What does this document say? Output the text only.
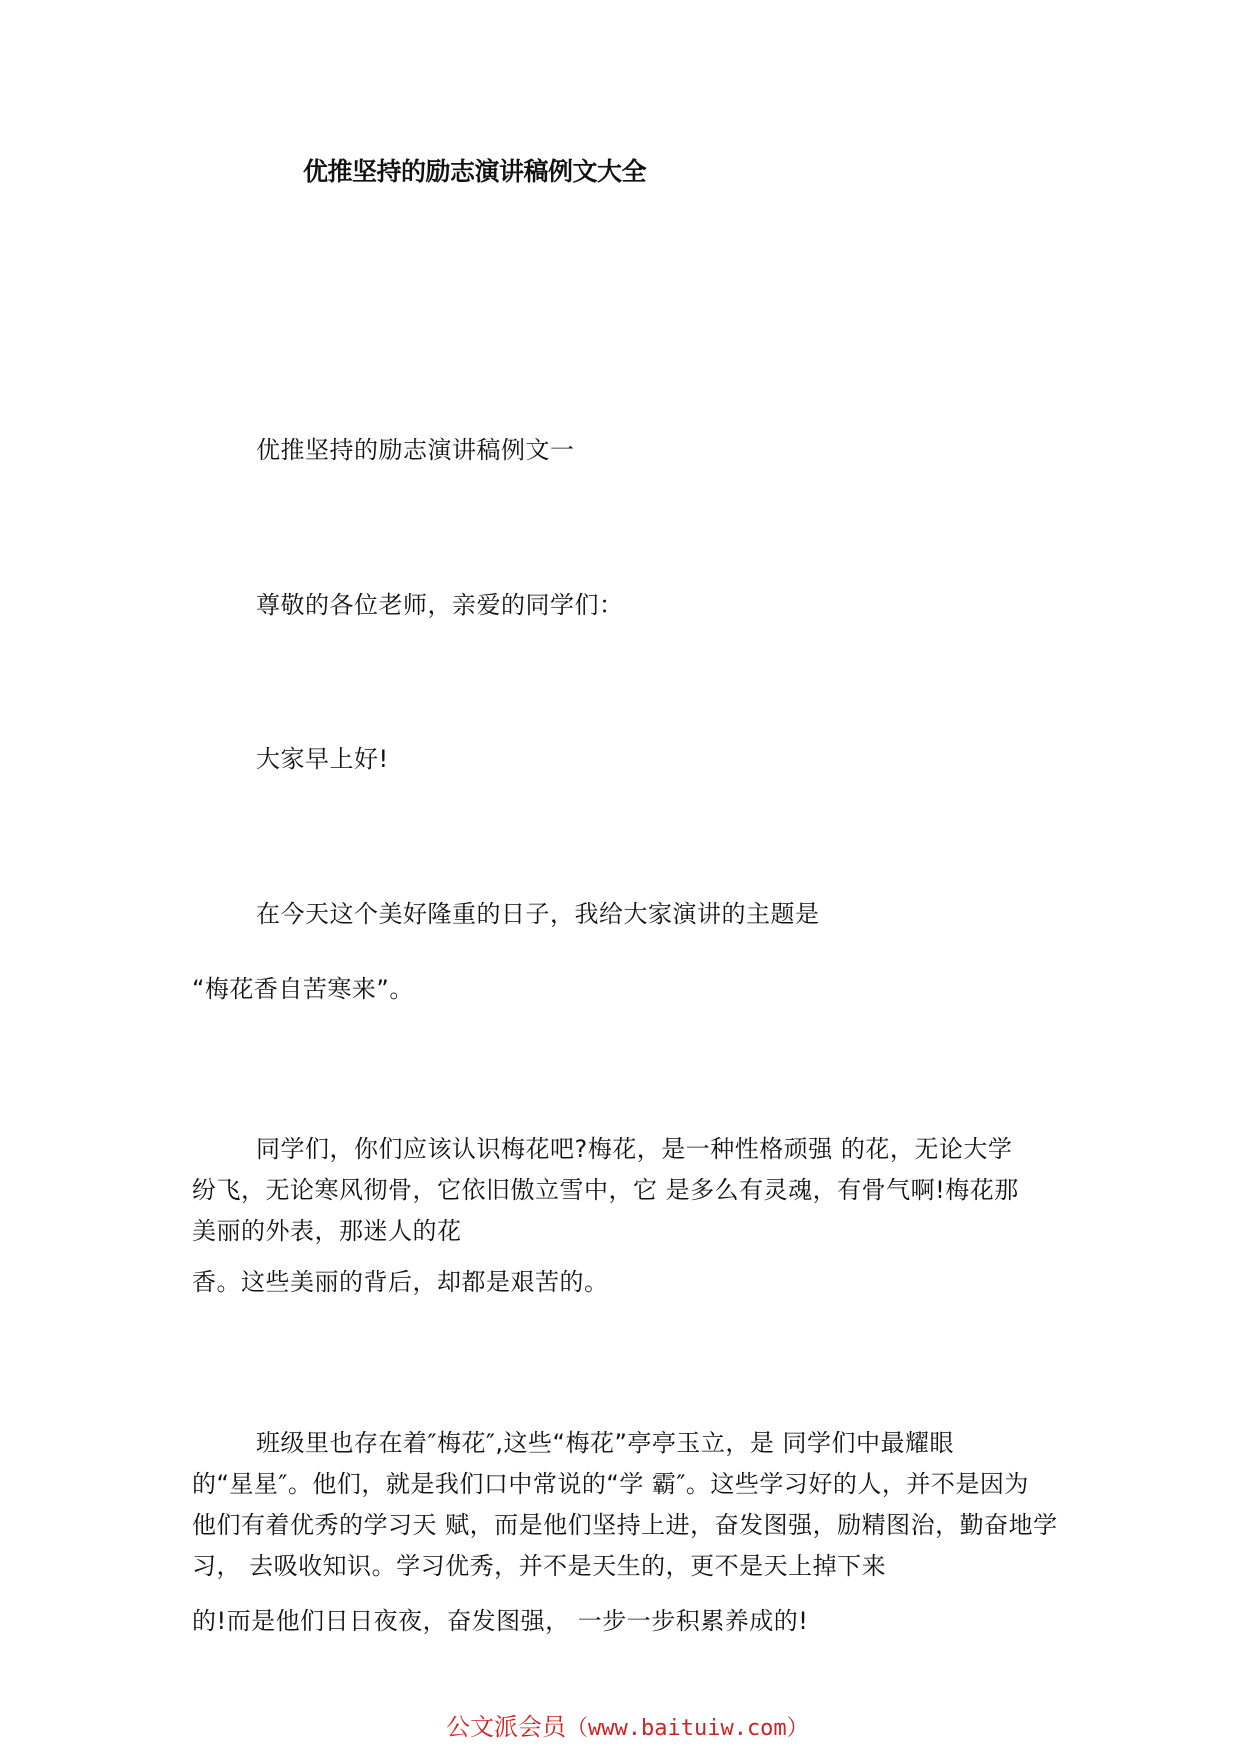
优推坚持的励志演讲稿例文大全
优推坚持的励志演讲稿例文一
尊敬的各位老师，亲爱的同学们：
大家早上好!
在今天这个美好隆重的日子，我给大家演讲的主题是
“梅花香自苦寒来”。
同学们，你们应该认识梅花吧?梅花，是一种性格顽强 的花，无论大学
纷飞，无论寒风彻骨，它依旧傲立雪中，它 是多么有灵魂，有骨气啊!梅花那
美丽的外表，那迷人的花
香。这些美丽的背后，却都是艰苦的。
班级里也存在着″梅花″,这些“梅花”亭亭玉立，是 同学们中最耀眼
的“星星″。他们，就是我们口中常说的“学 霸″。这些学习好的人，并不是因为
他们有着优秀的学习天 赋，而是他们坚持上进，奋发图强，励精图治，勤奋地学
习， 去吸收知识。学习优秀，并不是天生的，更不是天上掉下来
的!而是他们日日夜夜，奋发图强， 一步一步积累养成的!
公文派会员（www.baituiw.com）
